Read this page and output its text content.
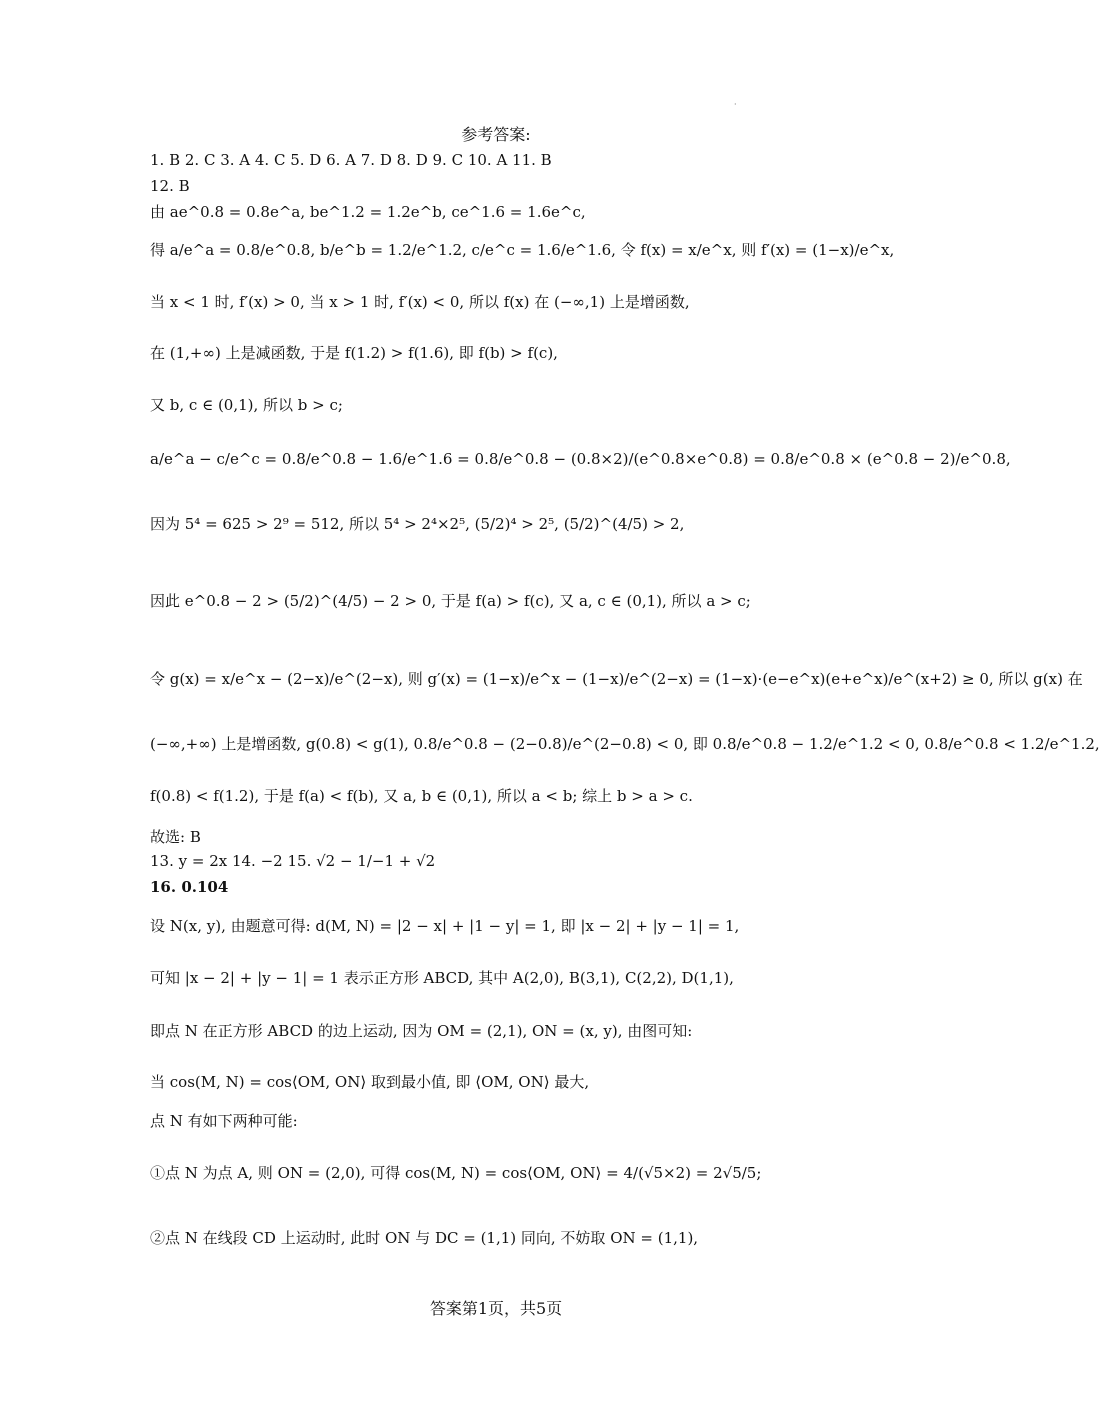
·
参考答案:
1. B 2. C 3. A 4. C 5. D 6. A 7. D 8. D 9. C 10. A 11. B
12. B
由 ae^0.8 = 0.8e^a, be^1.2 = 1.2e^b, ce^1.6 = 1.6e^c,
得 a/e^a = 0.8/e^0.8, b/e^b = 1.2/e^1.2, c/e^c = 1.6/e^1.6, 令 f(x) = x/e^x, 则 f′(x) = (1−x)/e^x,
当 x < 1 时, f′(x) > 0, 当 x > 1 时, f′(x) < 0, 所以 f(x) 在 (−∞,1) 上是增函数,
在 (1,+∞) 上是减函数, 于是 f(1.2) > f(1.6), 即 f(b) > f(c),
又 b, c ∈ (0,1), 所以 b > c;
a/e^a − c/e^c = 0.8/e^0.8 − 1.6/e^1.6 = 0.8/e^0.8 − (0.8×2)/(e^0.8×e^0.8) = 0.8/e^0.8 × (e^0.8 − 2)/e^0.8,
因为 5⁴ = 625 > 2⁹ = 512, 所以 5⁴ > 2⁴×2⁵, (5/2)⁴ > 2⁵, (5/2)^(4/5) > 2,
因此 e^0.8 − 2 > (5/2)^(4/5) − 2 > 0, 于是 f(a) > f(c), 又 a, c ∈ (0,1), 所以 a > c;
令 g(x) = x/e^x − (2−x)/e^(2−x), 则 g′(x) = (1−x)/e^x − (1−x)/e^(2−x) = (1−x)·(e−e^x)(e+e^x)/e^(x+2) ≥ 0, 所以 g(x) 在
(−∞,+∞) 上是增函数, g(0.8) < g(1), 0.8/e^0.8 − (2−0.8)/e^(2−0.8) < 0, 即 0.8/e^0.8 − 1.2/e^1.2 < 0, 0.8/e^0.8 < 1.2/e^1.2,
f(0.8) < f(1.2), 于是 f(a) < f(b), 又 a, b ∈ (0,1), 所以 a < b; 综上 b > a > c.
故选: B
13. y = 2x 14. −2 15. √2 − 1/−1 + √2
16. 0.104
设 N(x, y), 由题意可得: d(M, N) = |2 − x| + |1 − y| = 1, 即 |x − 2| + |y − 1| = 1,
可知 |x − 2| + |y − 1| = 1 表示正方形 ABCD, 其中 A(2,0), B(3,1), C(2,2), D(1,1),
即点 N 在正方形 ABCD 的边上运动, 因为 OM = (2,1), ON = (x, y), 由图可知:
当 cos(M, N) = cos⟨OM, ON⟩ 取到最小值, 即 ⟨OM, ON⟩ 最大,
点 N 有如下两种可能:
①点 N 为点 A, 则 ON = (2,0), 可得 cos(M, N) = cos⟨OM, ON⟩ = 4/(√5×2) = 2√5/5;
②点 N 在线段 CD 上运动时, 此时 ON 与 DC = (1,1) 同向, 不妨取 ON = (1,1),
答案第1页，共5页
